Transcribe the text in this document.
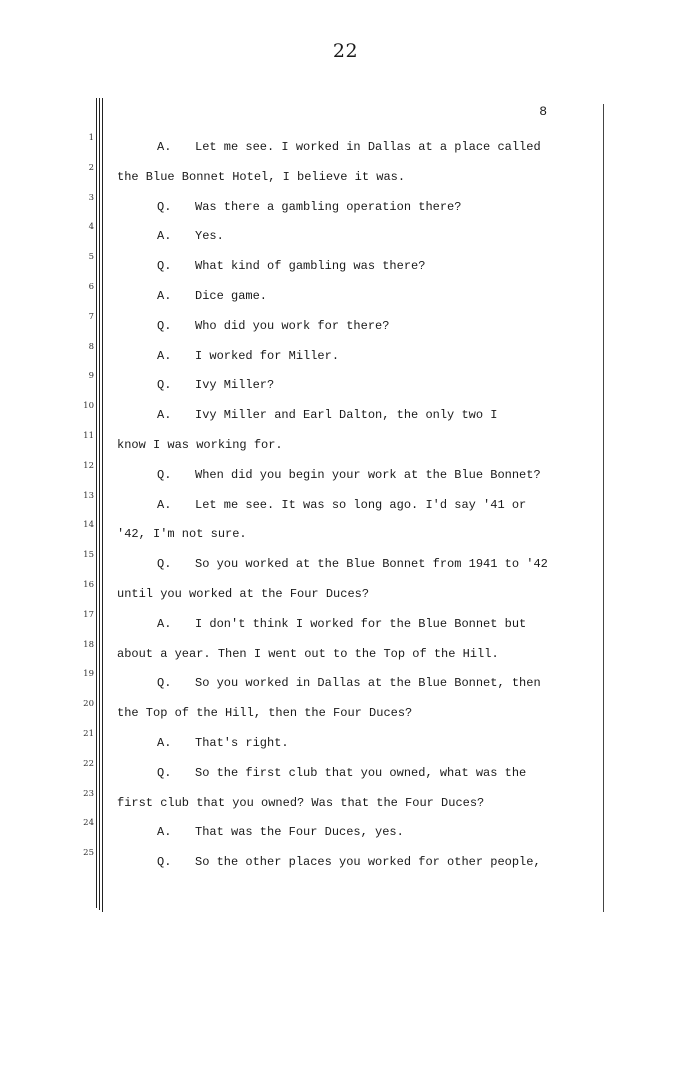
22
8
1
2
3
4
5
6
7
8
9
10
11
12
13
14
15
16
17
18
19
20
21
22
23
24
25
A. Let me see. I worked in Dallas at a place called
the Blue Bonnet Hotel, I believe it was.
Q. Was there a gambling operation there?
A. Yes.
Q. What kind of gambling was there?
A. Dice game.
Q. Who did you work for there?
A. I worked for Miller.
Q. Ivy Miller?
A. Ivy Miller and Earl Dalton, the only two I
know I was working for.
Q. When did you begin your work at the Blue Bonnet?
A. Let me see. It was so long ago. I'd say '41 or
'42, I'm not sure.
Q. So you worked at the Blue Bonnet from 1941 to '42
until you worked at the Four Duces?
A. I don't think I worked for the Blue Bonnet but
about a year. Then I went out to the Top of the Hill.
Q. So you worked in Dallas at the Blue Bonnet, then
the Top of the Hill, then the Four Duces?
A. That's right.
Q. So the first club that you owned, what was the
first club that you owned? Was that the Four Duces?
A. That was the Four Duces, yes.
Q. So the other places you worked for other people,
